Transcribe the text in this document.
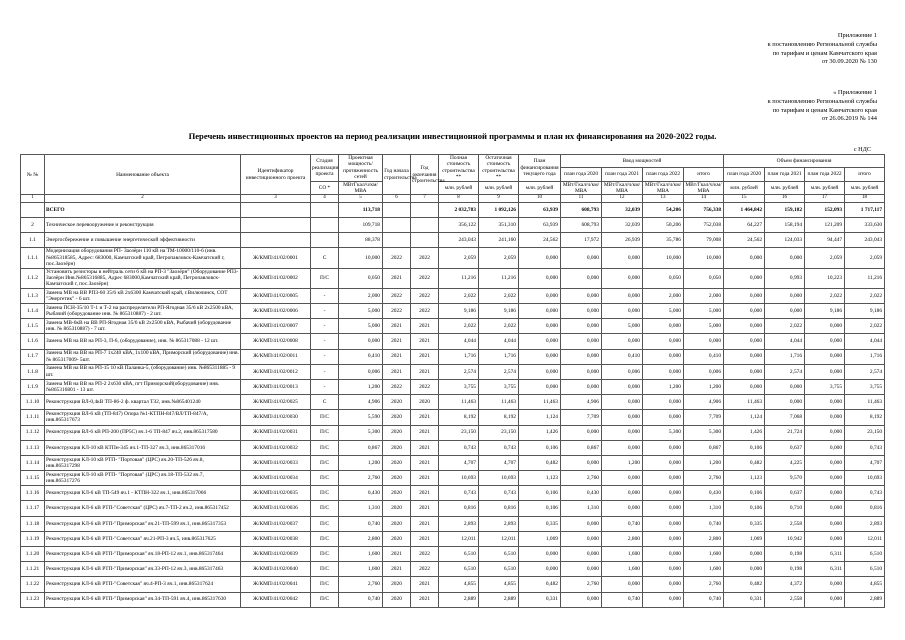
Приложение 1
к постановлению Региональной службы
по тарифам и ценам Камчатского края
от 30.09.2020 № 130
« Приложение 1
к постановлению Региональной службы
по тарифам и ценам Камчатского края
от 26.06.2019 № 144
Перечень инвестиционных проектов на период реализации инвестиционной программы и план их финансирования на 2020-2022 годы.
с НДС
№ №	Наименование объекта	Идентификатор инвестиционного проекта	Стадия реализации проекта	Проектная мощность/ протяженность сетей	Год начала строительства	Год окончания строительства	Полная стоимость строительства **	Остаточная стоимость строительства **	План финансирования текущего года	Ввод мощностей				Объем финансирования			
										план года 2020	план года 2021	план года 2022	итого	план года 2020	план года 2021	план года 2022	итого
			СО *	МВтГкал/ч/км/МВА			млн. рублей	млн. рублей	млн. рублей	МВт/Гкал/ч/км/МВА	МВт/Гкал/ч/км/МВА	МВт/Гкал/ч/км/МВА	МВт/Гкал/ч/км/МВА	млн. рублей	млн. рублей	млн. рублей	млн. рублей
1	2	3	4	5	6	7	8	9	10	11	12	13	14	15	16	17	18
	ВСЕГО			113,718			2 032,783	1 092,126	63,939	608,793	32,039	54,206	756,338	1 464,842	159,182	152,093	1 717,117
2	Техническое перевооружение и реконструкция			109,718			356,122	351,310	63,939	608,793	32,039	50,206	752,038	64,227	158,194	121,209	333,630
1.1	Энергосбережение и повышение энергетической эффективности			88,378			243,043	241,160	24,562	17,972	26,939	35,786	79,008	24,562	124,033	94,447	243,043
1.1.1	Модернизация оборудования РП- Заозёрн 110 кВ на ТМ-10000/110-6 (инв.№865318585, Адрес: 683000, Камчатский край, Петропавловск-Камчатский г, пос.Заозёрн)	Ж/КМП/41/02/0001	С	10,000	2022	2022	2,059	2,059	0,000	0,000	0,000	10,000	10,000	0,000	0,000	2,059	2,059
1.1.2	Установить резисторы в нейтраль сети 6 кВ на РП-3 "Заозёрн" (Оборудование РП3- Заозёрн Инв.№865316885, Адрес 683000,Камчатский край, Петропавловск-Камчатский г, пос.Заозёрн)	Ж/КМП/41/02/0002	П/С	0,050	2021	2022	11,216	11,216	0,000	0,000	0,000	0,050	0,050	0,000	0,993	10,223	11,216
1.1.3	Замена МВ на ВВ РП3-60 35/6 кВ 2х6300 Камчатский край, г.Вилючинск, СОТ "Энергетик" - 6 шт.	Ж/КМП/41/02/0005	-	2,000	2022	2022	2,022	2,022	0,000	0,000	0,000	2,000	2,000	0,000	0,000	2,022	2,022
1.1.4	Замена ПСН-35/10 Т-1 и Т-2 на распределители РП-Ягодная 35/6 кВ 2х2500 кВА, Рыбачий (оборудование инв. № 865310887) - 2 шт.	Ж/КМП/41/02/0006	-	5,000	2022	2022	9,186	9,186	0,000	0,000	0,000	5,000	5,000	0,000	0,000	9,186	9,186
1.1.5	Замена МВ-6кВ на ВВ РП-Ягодная 35/6 кВ 2х2500 кВА, Рыбачий (оборудование инв. № 865310887) - 7 шт.	Ж/КМП/41/02/0007	-	5,000	2021	2021	2,022	2,022	0,000	0,000	5,000	0,000	5,000	0,000	2,022	0,000	2,022
1.1.6	Замена МВ на ВВ на РП-3, П-6, (оборудование), инв. № 865317088 - 12 шт.	Ж/КМП/41/02/0008	-	0,000	2021	2021	4,044	4,044	0,000	0,000	0,000	0,000	0,000	0,000	4,044	0,000	4,044
1.1.7	Замена МВ на ВВ на РП-7 1х240 кВА, 1х100 кВА, Приморский (оборудование) инв. № 865317009- 5шт.	Ж/КМП/41/02/0011	-	0,410	2021	2021	1,716	1,716	0,000	0,000	0,410	0,000	0,410	0,000	1,716	0,000	1,716
1.1.8	Замена МВ на ВВ на РП-15 10 кВ Паланка-5, (оборудование) инв. №865311885 - 9 шт.	Ж/КМП/41/02/0012	-	0,006	2021	2021	2,574	2,574	0,000	0,000	0,006	0,000	0,006	0,000	2,574	0,000	2,574
1.1.9	Замена МВ на ВВ на РП-2 2х630 кВА, пгт Приморский(оборудование) инв.№865316801 - 13 шт.	Ж/КМП/41/02/0013	-	1,200	2022	2022	3,755	3,755	0,000	0,000	0,000	1,200	1,200	0,000	0,000	3,755	3,755
1.1.10	Реконструкция ВЛ-0,4кВ ТП-86-2 ф. квартал ТЗ2, инв.№865401240	Ж/КМП/41/02/0025	С	4,906	2020	2020	11,463	11,463	11,463	4,906	0,000	0,000	4,906	11,463	0,000	0,000	11,463
1.1.11	Реконструкция ВЛ-6 кВ (ТП-847) Опора №1-КТПН-847/ВЛ/ТП-847/А, инв.865317673	Ж/КМП/41/02/0030	П/С	5,590	2020	2021	8,192	8,192	1,124	7,709	0,000	0,000	7,709	1,124	7,068	0,000	8,192
1.1.12	Реконструкция ВЛ-6 кВ РП-200 (ПР5С) яч.1-6 ТП-847 яч.2, инв.865317580	Ж/КМП/41/02/0031	П/С	5,300	2020	2021	23,150	23,150	1,426	0,000	0,000	5,300	5,300	1,426	21,724	0,000	23,150
1.1.13	Реконструкция КЛ-10 кВ КТПн-345 яч.1-ТП-327 яч.3, инв.865317016	Ж/КМП/41/02/0032	П/С	0,867	2020	2021	0,743	0,743	0,106	0,867	0,000	0,000	0,867	0,106	0,637	0,000	0,743
1.1.14	Реконструкция КЛ-10 кВ РТП- "Портовая" (ЦРС) яч.20-ТП-526 яч.8, инв.865317298	Ж/КМП/41/02/0033	П/С	1,200	2020	2021	4,707	4,707	0,482	0,000	1,200	0,000	1,200	0,482	4,225	0,000	4,707
1.1.15	Реконструкция КЛ-10 кВ РТП- "Портовая" (ЦРС) яч.18-ТП-532 яч.7, инв.865317276	Ж/КМП/41/02/0034	П/С	2,760	2020	2021	10,693	10,693	1,123	2,760	0,000	0,000	2,760	1,123	9,570	0,000	10,693
1.1.16	Реконструкция КЛ-6 кВ ТП-549 яч.1 - КТПН-322 яч.1, инв.865317066	Ж/КМП/41/02/0035	П/С	0,430	2020	2021	0,743	0,743	0,106	0,430	0,000	0,000	0,430	0,106	0,637	0,000	0,743
1.1.17	Реконструкция КЛ-6 кВ РТП-"Советская" (ЦРС) яч.7-ТП-2 яч.2, инв.865317452	Ж/КМП/41/02/0036	П/С	1,310	2020	2021	0,816	0,816	0,106	1,310	0,000	0,000	1,310	0,106	0,710	0,000	0,816
1.1.18	Реконструкция КЛ-6 кВ РТП-"Приморская" яч.21-ТП-599 яч.1, инв.865317353	Ж/КМП/41/02/0037	П/С	0,740	2020	2021	2,893	2,893	0,335	0,000	0,740	0,000	0,740	0,335	2,558	0,000	2,893
1.1.19	Реконструкция КЛ-6 кВ РТП-"Советская" яч.21-РП-3 яч.5, инв.865317625	Ж/КМП/41/02/0038	П/С	2,800	2020	2021	12,011	12,011	1,069	0,000	2,800	0,000	2,800	1,069	10,942	0,000	12,011
1.1.20	Реконструкция КЛ-6 кВ РТП-"Приморская" яч.18-РП-12 яч.1, инв.865317464	Ж/КМП/41/02/0039	П/С	1,600	2021	2022	6,510	6,510	0,000	0,000	1,600	0,000	1,600	0,000	0,198	6,311	6,510
1.1.21	Реконструкция КЛ-6 кВ РТП-"Приморская" яч.33-РП-12 яч.3, инв.865317463	Ж/КМП/41/02/0040	П/С	1,600	2021	2022	6,510	6,510	0,000	0,000	1,600	0,000	1,600	0,000	0,198	6,311	6,510
1.1.22	Реконструкция КЛ-6 кВ РТП-"Советская" яч.4-РП-3 яч.1, инв.865317624	Ж/КМП/41/02/0041	П/С	2,760	2020	2021	4,855	4,855	0,482	2,760	0,000	0,000	2,760	0,482	4,372	0,000	4,855
1.1.23	Реконструкция КЛ-6 кВ РТП-"Приморская" яч.34-ТП-591 яч.4, инв.865317630	Ж/КМП/41/02/0042	П/С	0,740	2020	2021	2,889	2,889	0,331	0,000	0,740	0,000	0,740	0,331	2,558	0,000	2,889
